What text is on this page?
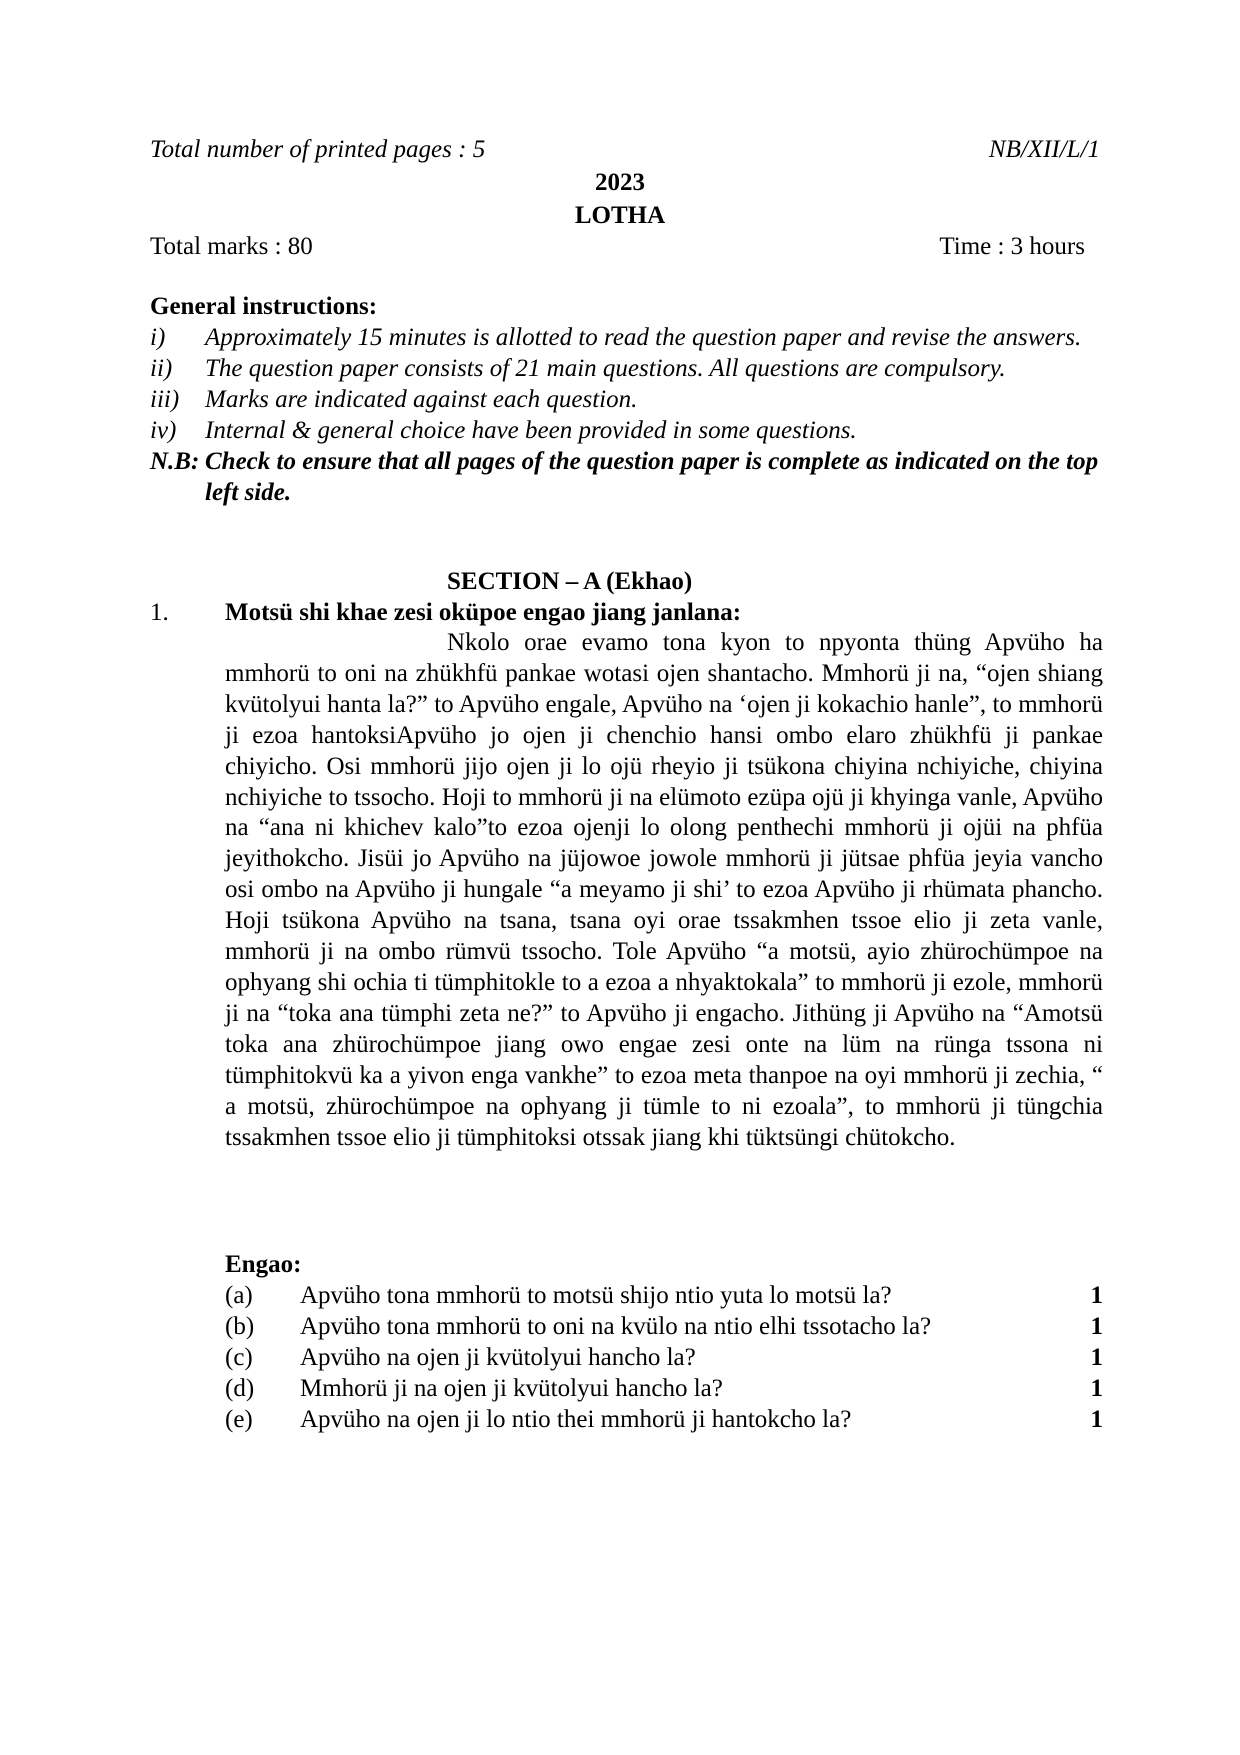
Total number of printed pages : 5	NB/XII/L/1
2023
LOTHA
Total marks : 80	Time : 3 hours
General instructions:
i)	Approximately 15 minutes is allotted to read the question paper and revise the answers.
ii)	The question paper consists of 21 main questions. All questions are compulsory.
iii)	Marks are indicated against each question.
iv)	Internal & general choice have been provided in some questions.
N.B: Check to ensure that all pages of the question paper is complete as indicated on the top left side.
SECTION – A (Ekhao)
1. Motsü shi khae zesi oküpoe engao jiang janlana:
Nkolo orae evamo tona kyon to npyonta thüng Apvüho ha mmhorü to oni na zhükhfü pankae wotasi ojen shantacho. Mmhorü ji na, “ojen shiang kvütolyui hanta la?” to Apvüho engale, Apvüho na ‘ojen ji kokachio hanle”, to mmhorü ji ezoa hantoksiApvüho jo ojen ji chenchio hansi ombo elaro zhükhfü ji pankae chiyicho. Osi mmhorü jijo ojen ji lo ojü rheyio ji tsükona chiyina nchiyiche, chiyina nchiyiche to tssocho. Hoji to mmhorü ji na elümoto ezüpa ojü ji khyinga vanle, Apvüho na “ana ni khichev kalo”to ezoa ojenji lo olong penthechi mmhorü ji ojüi na phfüa jeyithokcho. Jisüi jo Apvüho na jüjowoe jowole mmhorü ji jütsae phfüa jeyia vancho osi ombo na Apvüho ji hungale “a meyamo ji shi’ to ezoa Apvüho ji rhümata phancho. Hoji tsükona Apvüho na tsana, tsana oyi orae tssakmhen tssoe elio ji zeta vanle, mmhorü ji na ombo rümvü tssocho. Tole Apvüho “a motsü, ayio zhürochümpoe na ophyang shi ochia ti tümphitokle to a ezoa a nhyaktokala” to mmhorü ji ezole, mmhorü ji na “toka ana tümphi zeta ne?” to Apvüho ji engacho. Jithüng ji Apvüho na “Amotsü toka ana zhürochümpoe jiang owo engae zesi onte na lüm na rünga tssona ni tümphitokvü ka a yivon enga vankhe” to ezoa meta thanpoe na oyi mmhorü ji zechia, “ a motsü, zhürochümpoe na ophyang ji tümle to ni ezoala”, to mmhorü ji tüngchia tssakmhen tssoe elio ji tümphitoksi otssak jiang khi tüktsüngi chütokcho.
Engao:
(a)	Apvüho tona mmhorü to motsü shijo ntio yuta lo motsü la?	1
(b)	Apvüho tona mmhorü to oni na kvülo na ntio elhi tssotacho la?	1
(c)	Apvüho na ojen ji kvütolyui hancho la?	1
(d)	Mmhorü ji na ojen ji kvütolyui hancho la?	1
(e)	Apvüho na ojen ji lo ntio thei mmhorü ji hantokcho la?	1
